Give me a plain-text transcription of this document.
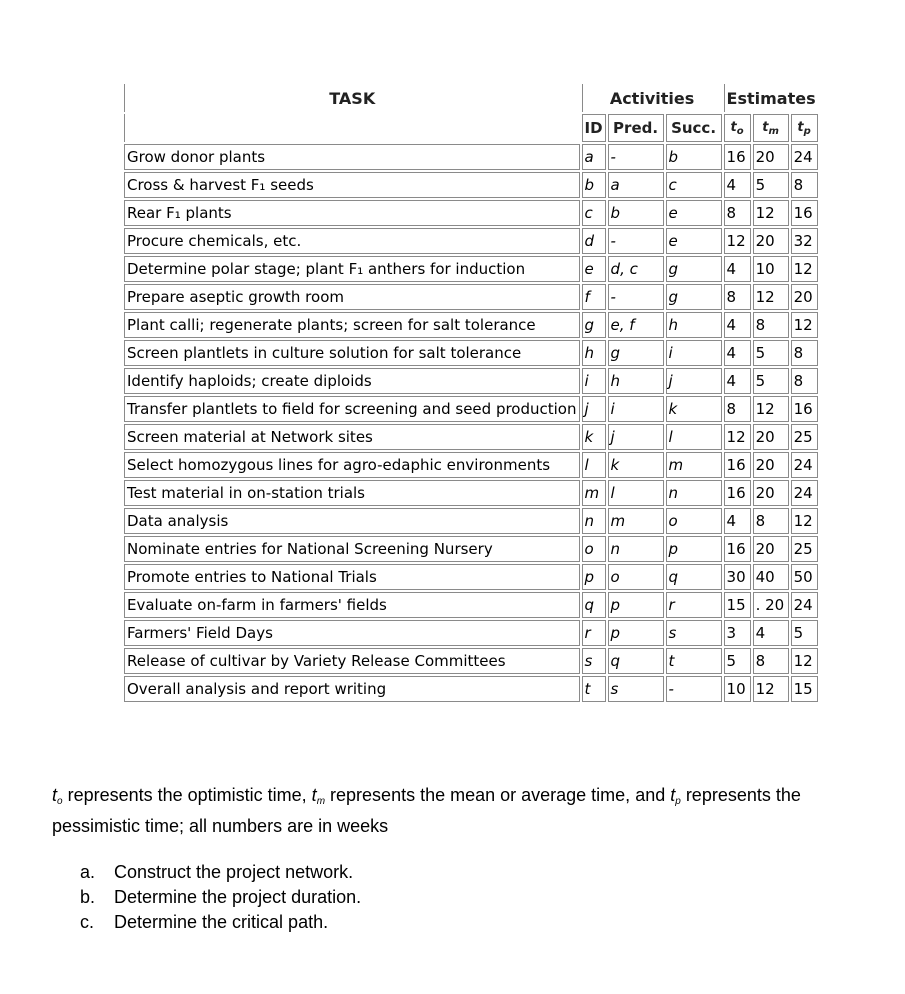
TASK	Activities			Estimates		
	ID	Pred.	Succ.	$t_o$	$t_m$	$t_p$
Grow donor plants	a	-	b	16	20	24
Cross & harvest F₁ seeds	b	a	c	4	5	8
Rear F₁ plants	c	b	e	8	12	16
Procure chemicals, etc.	d	-	e	12	20	32
Determine polar stage; plant F₁ anthers for induction	e	d, c	g	4	10	12
Prepare aseptic growth room	f	-	g	8	12	20
Plant calli; regenerate plants; screen for salt tolerance	g	e, f	h	4	8	12
Screen plantlets in culture solution for salt tolerance	h	g	i	4	5	8
Identify haploids; create diploids	i	h	j	4	5	8
Transfer plantlets to field for screening and seed production	j	i	k	8	12	16
Screen material at Network sites	k	j	l	12	20	25
Select homozygous lines for agro-edaphic environments	l	k	m	16	20	24
Test material in on-station trials	m	l	n	16	20	24
Data analysis	n	m	o	4	8	12
Nominate entries for National Screening Nursery	o	n	p	16	20	25
Promote entries to National Trials	p	o	q	30	40	50
Evaluate on-farm in farmers' fields	q	p	r	15	. 20	24
Farmers' Field Days	r	p	s	3	4	5
Release of cultivar by Variety Release Committees	s	q	t	5	8	12
Overall analysis and report writing	t	s	-	10	12	15
$t_o$ represents the optimistic time, $t_m$ represents the mean or average time, and $t_p$ represents the pessimistic time; all numbers are in weeks
a. Construct the project network.
b. Determine the project duration.
c. Determine the critical path.
